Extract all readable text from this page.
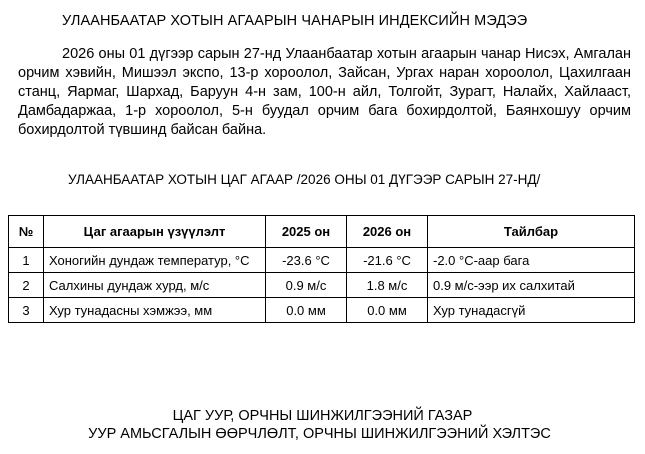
УЛААНБААТАР ХОТЫН АГААРЫН ЧАНАРЫН ИНДЕКСИЙН МЭДЭЭ
2026 оны 01 дүгээр сарын 27-нд Улаанбаатар хотын агаарын чанар Нисэх, Амгалан орчим хэвийн, Мишээл экспо, 13-р хороолол, Зайсан, Ургах наран хороолол, Цахилгаан станц, Яармаг, Шархад, Баруун 4-н зам, 100-н айл, Толгойт, Зурагт, Налайх, Хайлааст, Дамбадаржаа, 1-р хороолол, 5-н буудал орчим бага бохирдолтой, Баянхошуу орчим бохирдолтой түвшинд байсан байна.
УЛААНБААТАР ХОТЫН ЦАГ АГААР /2026 ОНЫ 01 ДҮГЭЭР САРЫН 27-НД/
№	Цаг агаарын үзүүлэлт	2025 он	2026 он	Тайлбар
1	Хоногийн дундаж температур, °С	-23.6 °С	-21.6 °С	-2.0 °С-аар бага
2	Салхины дундаж хурд, м/с	0.9 м/с	1.8 м/с	0.9 м/с-ээр их салхитай
3	Хур тунадасны хэмжээ, мм	0.0 мм	0.0 мм	Хур тунадасгүй
ЦАГ УУР, ОРЧНЫ ШИНЖИЛГЭЭНИЙ ГАЗАР
УУР АМЬСГАЛЫН ӨӨРЧЛӨЛТ, ОРЧНЫ ШИНЖИЛГЭЭНИЙ ХЭЛТЭС
